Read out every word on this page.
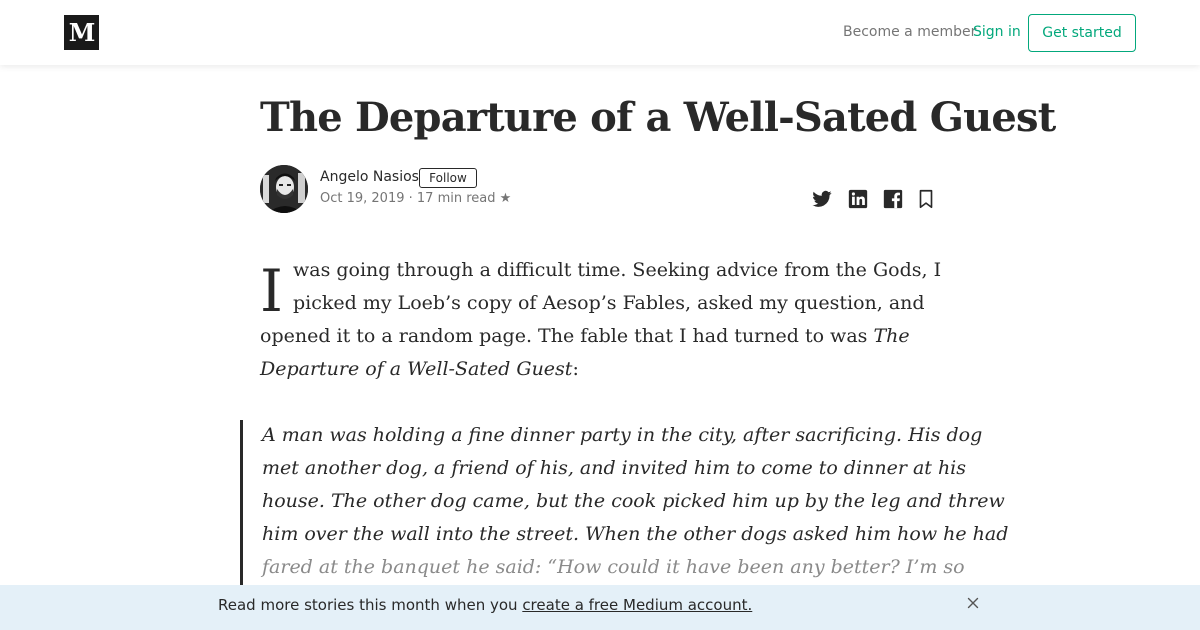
M	Become a member
Sign in	Get started
The Departure of a Well-Sated Guest
Angelo Nasios Follow
Oct 19, 2019 · 17 min read ★
I was going through a difficult time. Seeking advice from the Gods, I
picked my Loeb’s copy of Aesop’s Fables, asked my question, and
opened it to a random page. The fable that I had turned to was The
Departure of a Well-Sated Guest:
A man was holding a fine dinner party in the city, after sacrificing. His dog
met another dog, a friend of his, and invited him to come to dinner at his
house. The other dog came, but the cook picked him up by the leg and threw
him over the wall into the street. When the other dogs asked him how he had
fared at the banquet he said: “How could it have been any better? I’m so
Read more stories this month when you create a free Medium account.
